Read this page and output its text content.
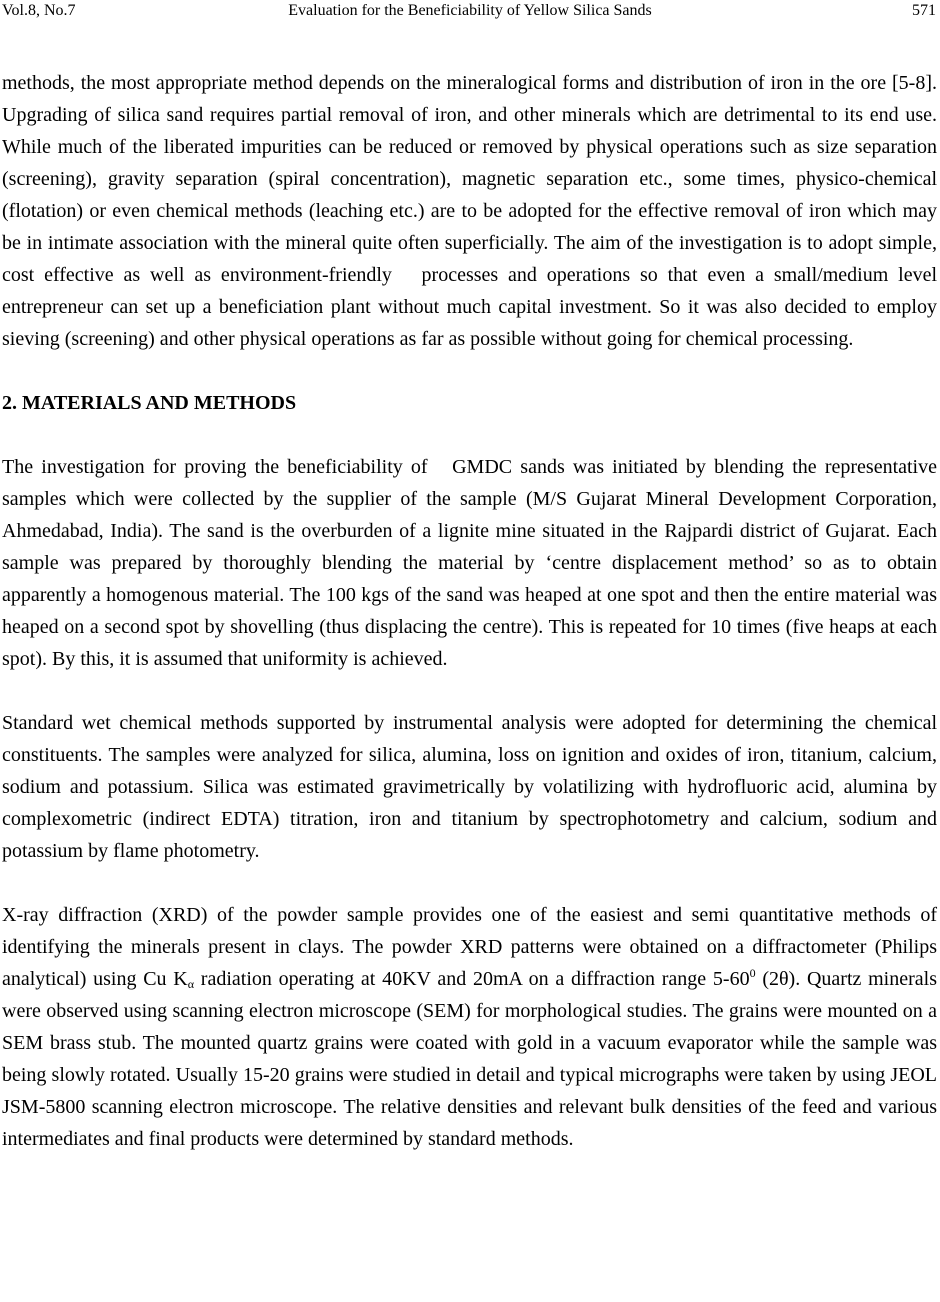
Vol.8, No.7	Evaluation for the Beneficiability of Yellow Silica Sands	571

methods, the most appropriate method depends on the mineralogical forms and distribution of iron in the ore [5-8]. Upgrading of silica sand requires partial removal of iron, and other minerals which are detrimental to its end use. While much of the liberated impurities can be reduced or removed by physical operations such as size separation (screening), gravity separation (spiral concentration), magnetic separation etc., some times, physico-chemical (flotation) or even chemical methods (leaching etc.) are to be adopted for the effective removal of iron which may be in intimate association with the mineral quite often superficially. The aim of the investigation is to adopt simple, cost effective as well as environment-friendly   processes and operations so that even a small/medium level entrepreneur can set up a beneficiation plant without much capital investment. So it was also decided to employ sieving (screening) and other physical operations as far as possible without going for chemical processing.

2. MATERIALS AND METHODS

The investigation for proving the beneficiability of   GMDC sands was initiated by blending the representative samples which were collected by the supplier of the sample (M/S Gujarat Mineral Development Corporation, Ahmedabad, India). The sand is the overburden of a lignite mine situated in the Rajpardi district of Gujarat. Each sample was prepared by thoroughly blending the material by ‘centre displacement method’ so as to obtain apparently a homogenous material. The 100 kgs of the sand was heaped at one spot and then the entire material was heaped on a second spot by shovelling (thus displacing the centre). This is repeated for 10 times (five heaps at each spot). By this, it is assumed that uniformity is achieved.

Standard wet chemical methods supported by instrumental analysis were adopted for determining the chemical constituents. The samples were analyzed for silica, alumina, loss on ignition and oxides of iron, titanium, calcium, sodium and potassium. Silica was estimated gravimetrically by volatilizing with hydrofluoric acid, alumina by complexometric (indirect EDTA) titration, iron and titanium by spectrophotometry and calcium, sodium and potassium by flame photometry.

X-ray diffraction (XRD) of the powder sample provides one of the easiest and semi quantitative methods of identifying the minerals present in clays. The powder XRD patterns were obtained on a diffractometer (Philips analytical) using Cu $K_\alpha$ radiation operating at 40KV and 20mA on a diffraction range $5-60^0$ (2θ). Quartz minerals were observed using scanning electron microscope (SEM) for morphological studies. The grains were mounted on a SEM brass stub. The mounted quartz grains were coated with gold in a vacuum evaporator while the sample was being slowly rotated. Usually 15-20 grains were studied in detail and typical micrographs were taken by using JEOL JSM-5800 scanning electron microscope. The relative densities and relevant bulk densities of the feed and various intermediates and final products were determined by standard methods.
